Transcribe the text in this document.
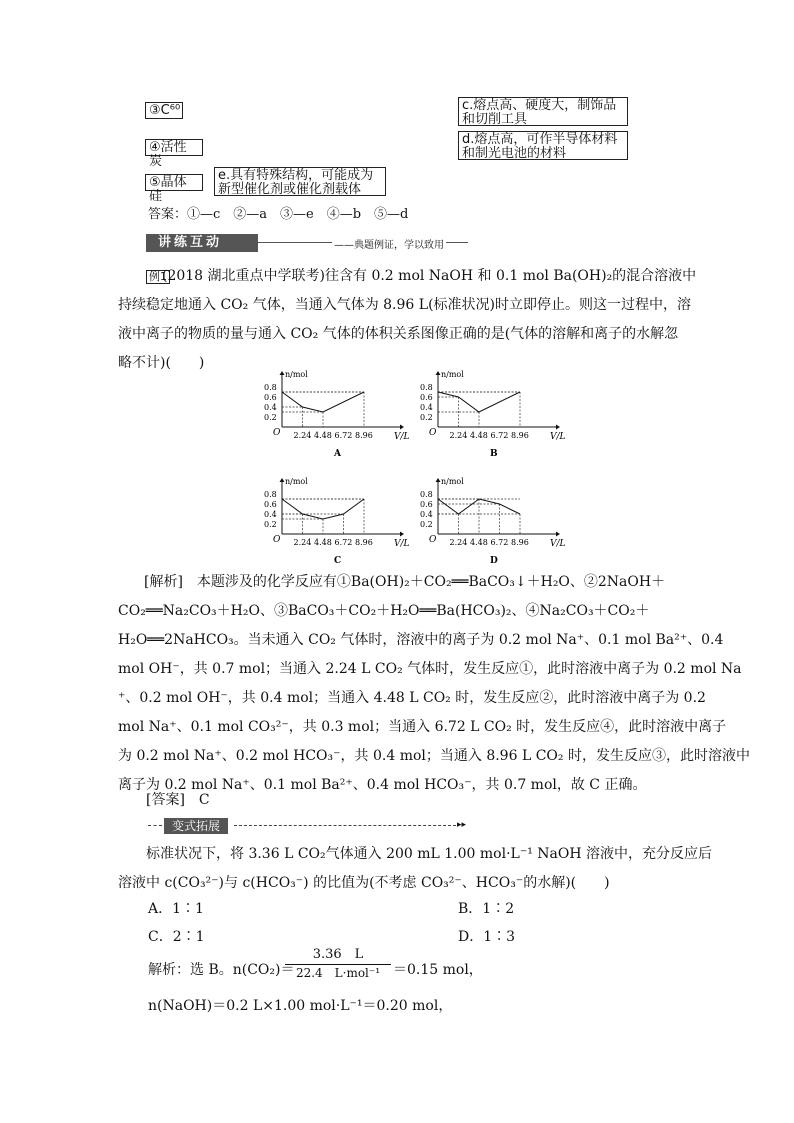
③C⁶⁰
④活性炭
⑤晶体硅
c.熔点高、硬度大，制饰品
和切削工具
d.熔点高，可作半导体材料
和制光电池的材料
e.具有特殊结构，可能成为
新型催化剂或催化剂载体
答案：①—c　②—a　③—e　④—b　⑤—d
讲练互动	——典题例证，学以致用
例1
(2018 湖北重点中学联考)往含有 0.2 mol NaOH 和 0.1 mol Ba(OH)₂的混合溶液中
持续稳定地通入 CO₂ 气体，当通入气体为 8.96 L(标准状况)时立即停止。则这一过程中，溶
液中离子的物质的量与通入 CO₂ 气体的体积关系图像正确的是(气体的溶解和离子的水解忽
略不计)(　　)
n/mol
V/L
O
0.8
0.6
0.4
0.2
2.24 4.48 6.72 8.96
A
n/mol
V/L
O
0.8
0.6
0.4
0.2
2.24 4.48 6.72 8.96
B
n/mol
V/L
O
0.8
0.6
0.4
0.2
2.24 4.48 6.72 8.96
C
n/mol
V/L
O
0.8
0.6
0.4
0.2
2.24 4.48 6.72 8.96
D
[解析]　本题涉及的化学反应有①Ba(OH)₂＋CO₂══BaCO₃↓＋H₂O、②2NaOH＋
CO₂══Na₂CO₃＋H₂O、③BaCO₃＋CO₂＋H₂O══Ba(HCO₃)₂、④Na₂CO₃＋CO₂＋
H₂O══2NaHCO₃。当未通入 CO₂ 气体时，溶液中的离子为 0.2 mol Na⁺、0.1 mol Ba²⁺、0.4
mol OH⁻，共 0.7 mol；当通入 2.24 L CO₂ 气体时，发生反应①，此时溶液中离子为 0.2 mol Na
⁺、0.2 mol OH⁻，共 0.4 mol；当通入 4.48 L CO₂ 时，发生反应②，此时溶液中离子为 0.2
mol Na⁺、0.1 mol CO₃²⁻，共 0.3 mol；当通入 6.72 L CO₂ 时，发生反应④，此时溶液中离子
为 0.2 mol Na⁺、0.2 mol HCO₃⁻，共 0.4 mol；当通入 8.96 L CO₂ 时，发生反应③，此时溶液中
离子为 0.2 mol Na⁺、0.1 mol Ba²⁺、0.4 mol HCO₃⁻，共 0.7 mol，故 C 正确。
[答案]　C
变式拓展	▸▸
标准状况下，将 3.36 L CO₂气体通入 200 mL 1.00 mol·L⁻¹ NaOH 溶液中，充分反应后
溶液中 c(CO₃²⁻)与 c(HCO₃⁻) 的比值为(不考虑 CO₃²⁻、HCO₃⁻的水解)(　　)
A．1∶1	B．1∶2
C．2∶1	D．1∶3
解析：选 B。n(CO₂)＝
3.36　L
22.4　L·mol⁻¹ ＝0.15 mol，
n(NaOH)＝0.2 L×1.00 mol·L⁻¹＝0.20 mol，
